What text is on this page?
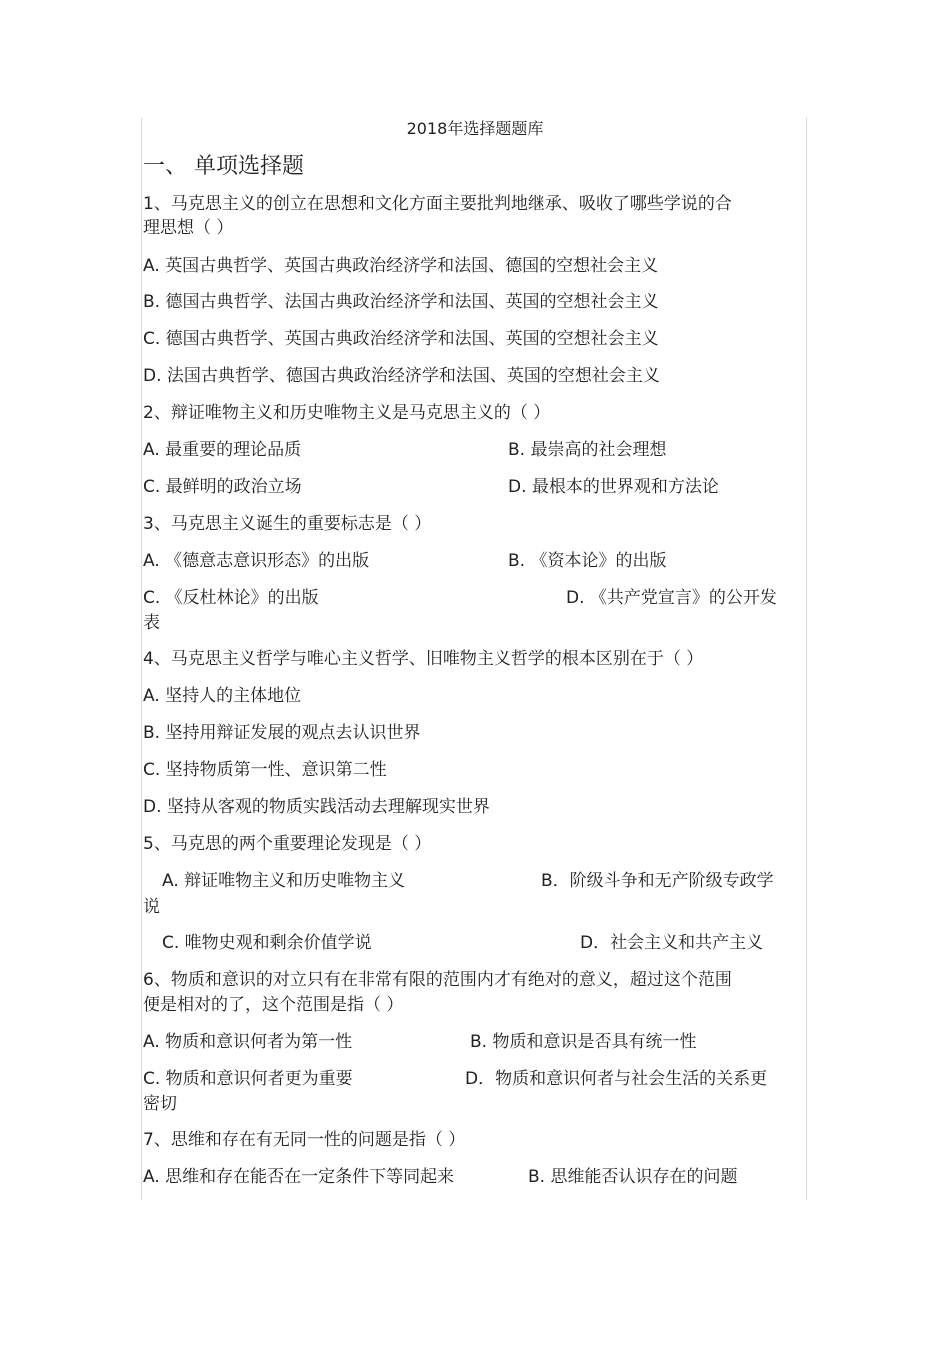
2018年选择题题库
一、 单项选择题
1、马克思主义的创立在思想和文化方面主要批判地继承、吸收了哪些学说的合
理思想（ ）
A. 英国古典哲学、英国古典政治经济学和法国、德国的空想社会主义
B. 德国古典哲学、法国古典政治经济学和法国、英国的空想社会主义
C. 德国古典哲学、英国古典政治经济学和法国、英国的空想社会主义
D. 法国古典哲学、德国古典政治经济学和法国、英国的空想社会主义
2、辩证唯物主义和历史唯物主义是马克思主义的（ ）
A. 最重要的理论品质	B. 最崇高的社会理想
C. 最鲜明的政治立场	D. 最根本的世界观和方法论
3、马克思主义诞生的重要标志是（ ）
A. 《德意志意识形态》的出版	B. 《资本论》的出版
C. 《反杜林论》的出版	D. 《共产党宣言》的公开发
表
4、马克思主义哲学与唯心主义哲学、旧唯物主义哲学的根本区别在于（ ）
A. 坚持人的主体地位
B. 坚持用辩证发展的观点去认识世界
C. 坚持物质第一性、意识第二性
D. 坚持从客观的物质实践活动去理解现实世界
5、马克思的两个重要理论发现是（ ）
A. 辩证唯物主义和历史唯物主义	B．阶级斗争和无产阶级专政学
说
C. 唯物史观和剩余价值学说	D．社会主义和共产主义
6、物质和意识的对立只有在非常有限的范围内才有绝对的意义，超过这个范围
便是相对的了，这个范围是指（ ）
A. 物质和意识何者为第一性	B. 物质和意识是否具有统一性
C. 物质和意识何者更为重要	D．物质和意识何者与社会生活的关系更
密切
7、思维和存在有无同一性的问题是指（ ）
A. 思维和存在能否在一定条件下等同起来	B. 思维能否认识存在的问题
